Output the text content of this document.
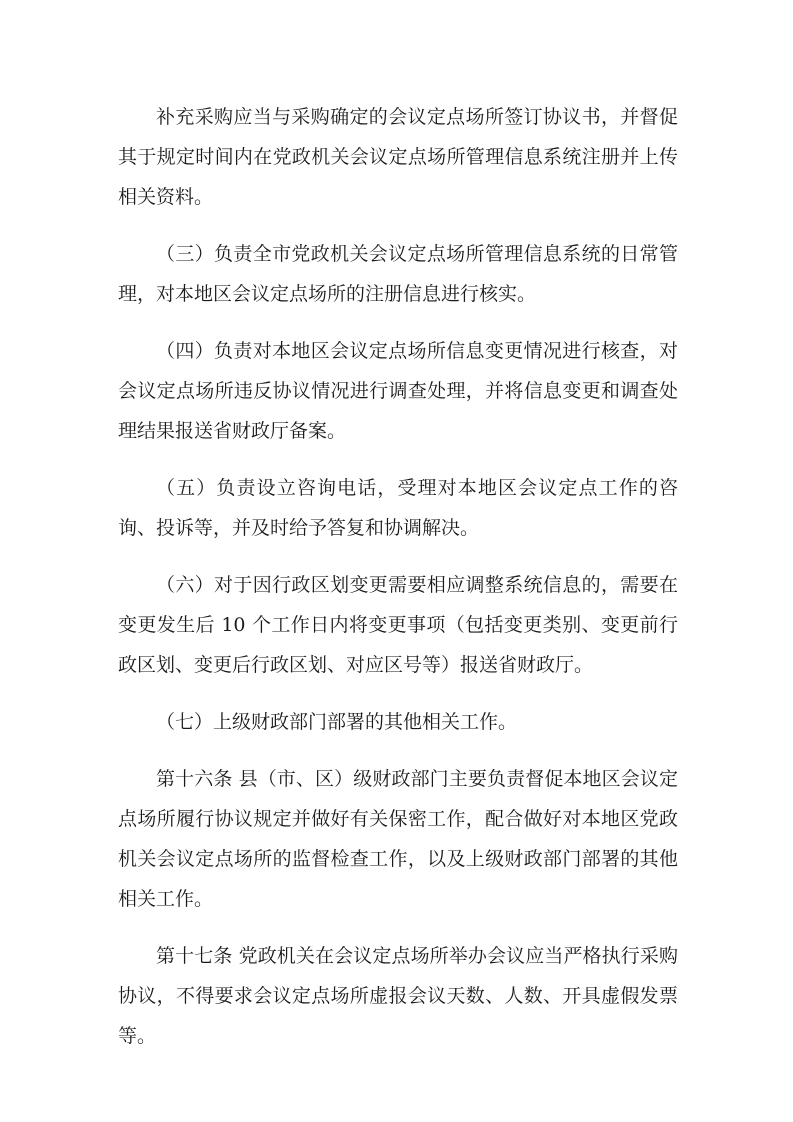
补充采购应当与采购确定的会议定点场所签订协议书，并督促其于规定时间内在党政机关会议定点场所管理信息系统注册并上传相关资料。

（三）负责全市党政机关会议定点场所管理信息系统的日常管理，对本地区会议定点场所的注册信息进行核实。

（四）负责对本地区会议定点场所信息变更情况进行核查，对会议定点场所违反协议情况进行调查处理，并将信息变更和调查处理结果报送省财政厅备案。

（五）负责设立咨询电话，受理对本地区会议定点工作的咨询、投诉等，并及时给予答复和协调解决。

（六）对于因行政区划变更需要相应调整系统信息的，需要在变更发生后 10 个工作日内将变更事项（包括变更类别、变更前行政区划、变更后行政区划、对应区号等）报送省财政厅。

（七）上级财政部门部署的其他相关工作。

第十六条 县（市、区）级财政部门主要负责督促本地区会议定点场所履行协议规定并做好有关保密工作，配合做好对本地区党政机关会议定点场所的监督检查工作，以及上级财政部门部署的其他相关工作。

第十七条 党政机关在会议定点场所举办会议应当严格执行采购协议，不得要求会议定点场所虚报会议天数、人数、开具虚假发票等。
